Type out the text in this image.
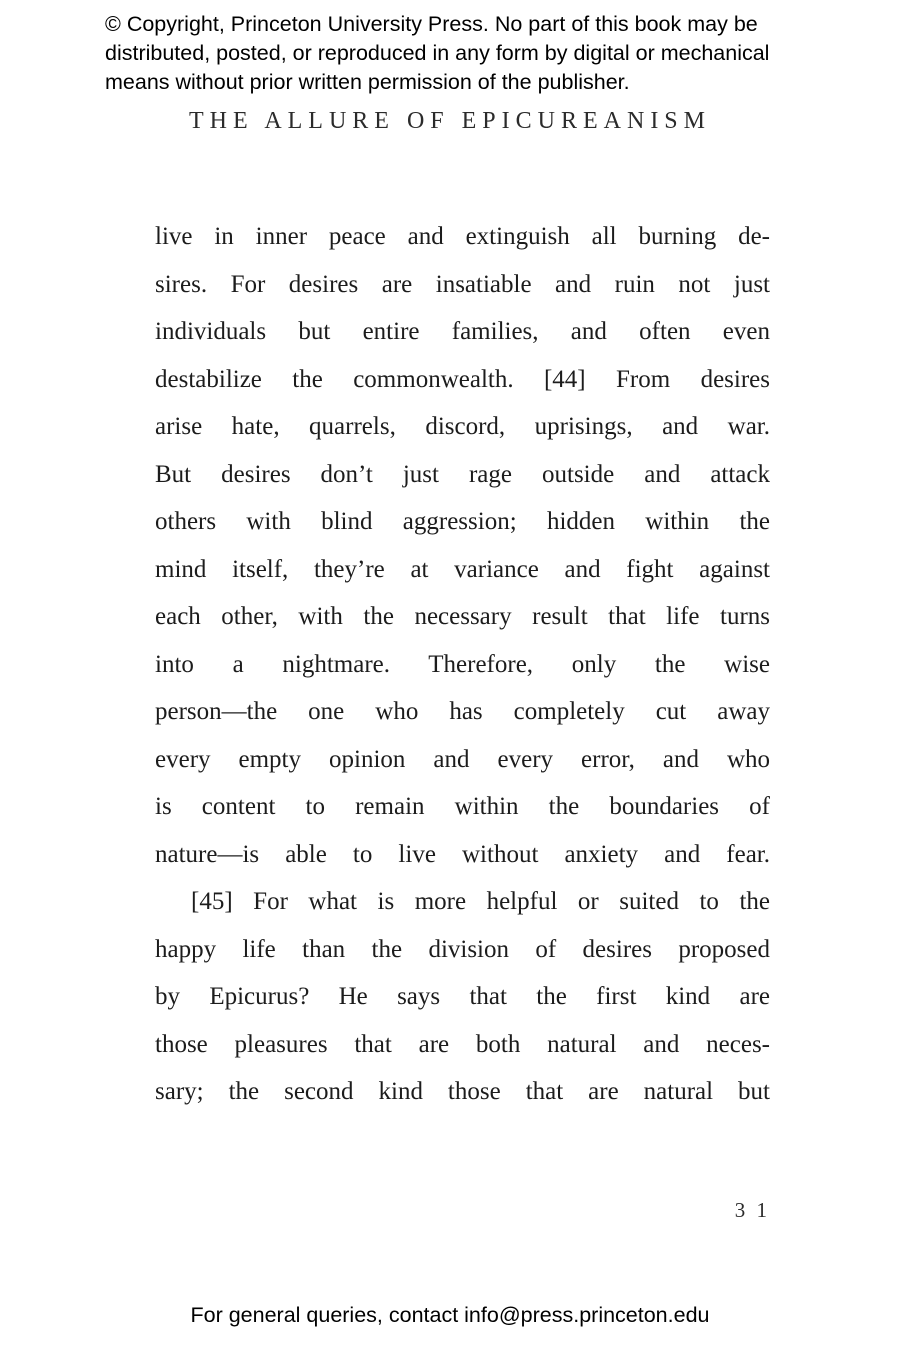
© Copyright, Princeton University Press. No part of this book may be
distributed, posted, or reproduced in any form by digital or mechanical
means without prior written permission of the publisher.
THE ALLURE OF EPICUREANISM
live in inner peace and extinguish all burning de-
sires. For desires are insatiable and ruin not just
individuals but entire families, and often even
destabilize the commonwealth. [44] From desires
arise hate, quarrels, discord, uprisings, and war.
But desires don’t just rage outside and attack
others with blind aggression; hidden within the
mind itself, they’re at variance and fight against
each other, with the necessary result that life turns
into a nightmare. Therefore, only the wise
person—the one who has completely cut away
every empty opinion and every error, and who
is content to remain within the boundaries of
nature—is able to live without anxiety and fear.
[45] For what is more helpful or suited to the
happy life than the division of desires proposed
by Epicurus? He says that the first kind are
those pleasures that are both natural and neces-
sary; the second kind those that are natural but
3 1
For general queries, contact info@press.princeton.edu
